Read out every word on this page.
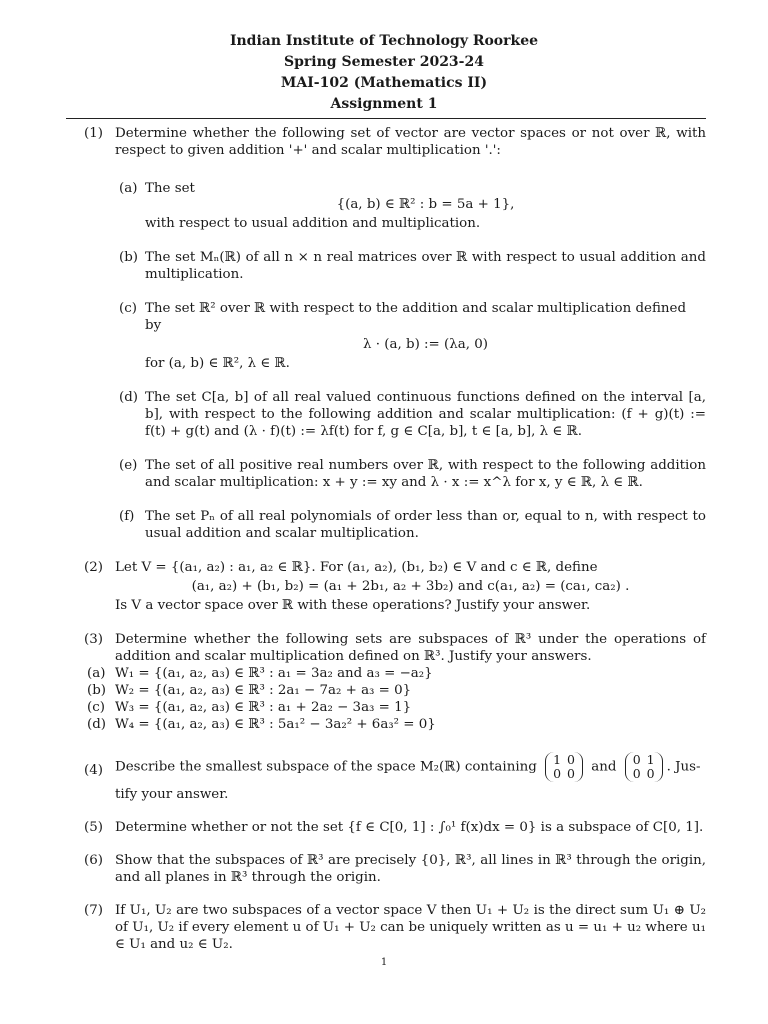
Indian Institute of Technology Roorkee
Spring Semester 2023-24
MAI-102 (Mathematics II)
Assignment 1
(1) Determine whether the following set of vector are vector spaces or not over ℝ, with respect to given addition '+' and scalar multiplication '.':
(a) The set
{(a, b) ∈ ℝ² : b = 5a + 1},
with respect to usual addition and multiplication.
(b) The set Mₙ(ℝ) of all n × n real matrices over ℝ with respect to usual addition and multiplication.
(c) The set ℝ² over ℝ with respect to the addition and scalar multiplication defined by
λ · (a, b) := (λa, 0)
for (a, b) ∈ ℝ², λ ∈ ℝ.
(d) The set C[a, b] of all real valued continuous functions defined on the interval [a, b], with respect to the following addition and scalar multiplication: (f + g)(t) := f(t) + g(t) and (λ · f)(t) := λf(t) for f, g ∈ C[a, b], t ∈ [a, b], λ ∈ ℝ.
(e) The set of all positive real numbers over ℝ, with respect to the following addition and scalar multiplication: x + y := xy and λ · x := x^λ for x, y ∈ ℝ, λ ∈ ℝ.
(f) The set Pₙ of all real polynomials of order less than or, equal to n, with respect to usual addition and scalar multiplication.
(2) Let V = {(a₁, a₂) : a₁, a₂ ∈ ℝ}. For (a₁, a₂), (b₁, b₂) ∈ V and c ∈ ℝ, define
(a₁, a₂) + (b₁, b₂) = (a₁ + 2b₁, a₂ + 3b₂) and c(a₁, a₂) = (ca₁, ca₂) .
Is V a vector space over ℝ with these operations? Justify your answer.
(3) Determine whether the following sets are subspaces of ℝ³ under the operations of addition and scalar multiplication defined on ℝ³. Justify your answers.
(a) W₁ = {(a₁, a₂, a₃) ∈ ℝ³ : a₁ = 3a₂ and a₃ = −a₂}
(b) W₂ = {(a₁, a₂, a₃) ∈ ℝ³ : 2a₁ − 7a₂ + a₃ = 0}
(c) W₃ = {(a₁, a₂, a₃) ∈ ℝ³ : a₁ + 2a₂ − 3a₃ = 1}
(d) W₄ = {(a₁, a₂, a₃) ∈ ℝ³ : 5a₁² − 3a₂² + 6a₃² = 0}
(4) Describe the smallest subspace of the space M₂(ℝ) containing 1	0
0	0 and 0	1
0	0 . Jus-
tify your answer.
(5) Determine whether or not the set {f ∈ C[0, 1] : ∫₀¹ f(x)dx = 0} is a subspace of C[0, 1].
(6) Show that the subspaces of ℝ³ are precisely {0}, ℝ³, all lines in ℝ³ through the origin, and all planes in ℝ³ through the origin.
(7) If U₁, U₂ are two subspaces of a vector space V then U₁ + U₂ is the direct sum U₁ ⊕ U₂ of U₁, U₂ if every element u of U₁ + U₂ can be uniquely written as u = u₁ + u₂ where u₁ ∈ U₁ and u₂ ∈ U₂.
1
